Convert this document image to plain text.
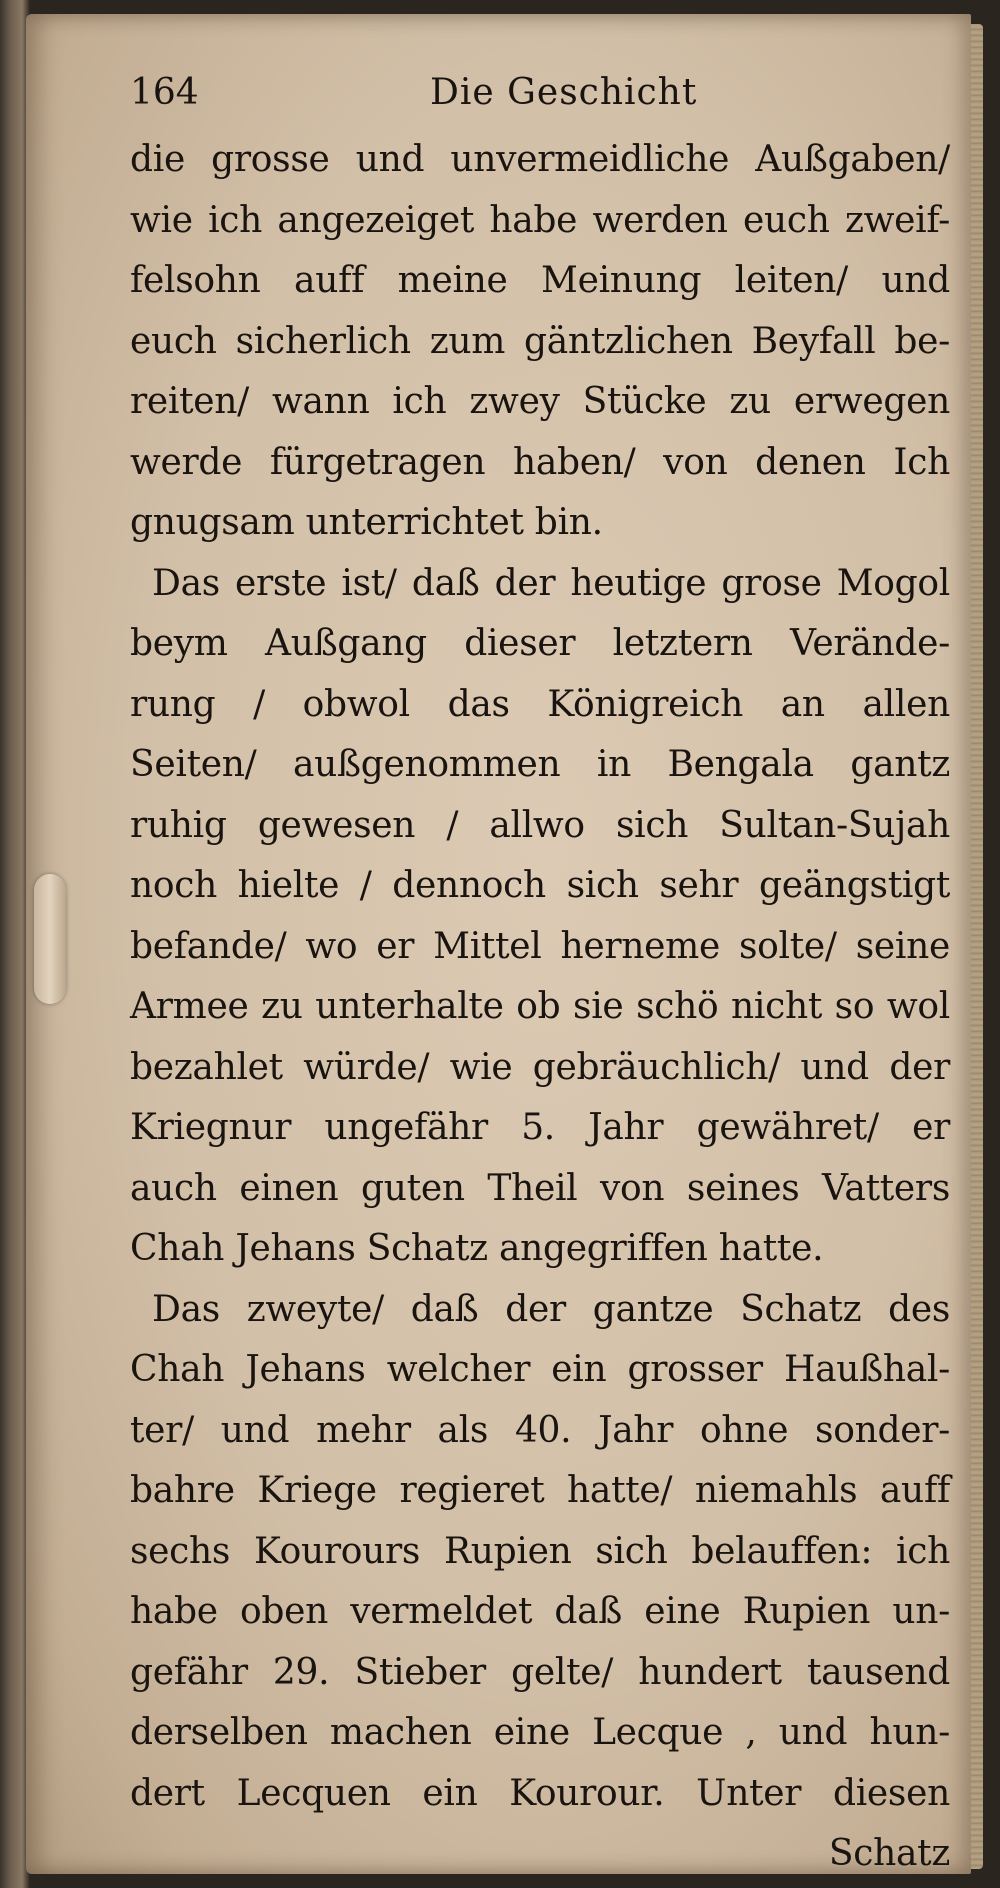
164	Die Geschicht
die grosse und unvermeidliche Außgaben/
wie ich angezeiget habe werden euch zweif-
felsohn auff meine Meinung leiten/ und
euch sicherlich zum gäntzlichen Beyfall be-
reiten/ wann ich zwey Stücke zu erwegen
werde fürgetragen haben/ von denen Ich
gnugsam unterrichtet bin.
Das erste ist/ daß der heutige grose Mogol
beym Außgang dieser letztern Verände-
rung / obwol das Königreich an allen
Seiten/ außgenommen in Bengala gantz
ruhig gewesen / allwo sich Sultan-Sujah
noch hielte / dennoch sich sehr geängstigt
befande/ wo er Mittel herneme solte/ seine
Armee zu unterhalte ob sie schö nicht so wol
bezahlet würde/ wie gebräuchlich/ und der
Kriegnur ungefähr 5. Jahr gewähret/ er
auch einen guten Theil von seines Vatters
Chah Jehans Schatz angegriffen hatte.
Das zweyte/ daß der gantze Schatz des
Chah Jehans welcher ein grosser Haußhal-
ter/ und mehr als 40. Jahr ohne sonder-
bahre Kriege regieret hatte/ niemahls auff
sechs Kourours Rupien sich belauffen: ich
habe oben vermeldet daß eine Rupien un-
gefähr 29. Stieber gelte/ hundert tausend
derselben machen eine Lecque , und hun-
dert Lecquen ein Kourour. Unter diesen
Schatz
